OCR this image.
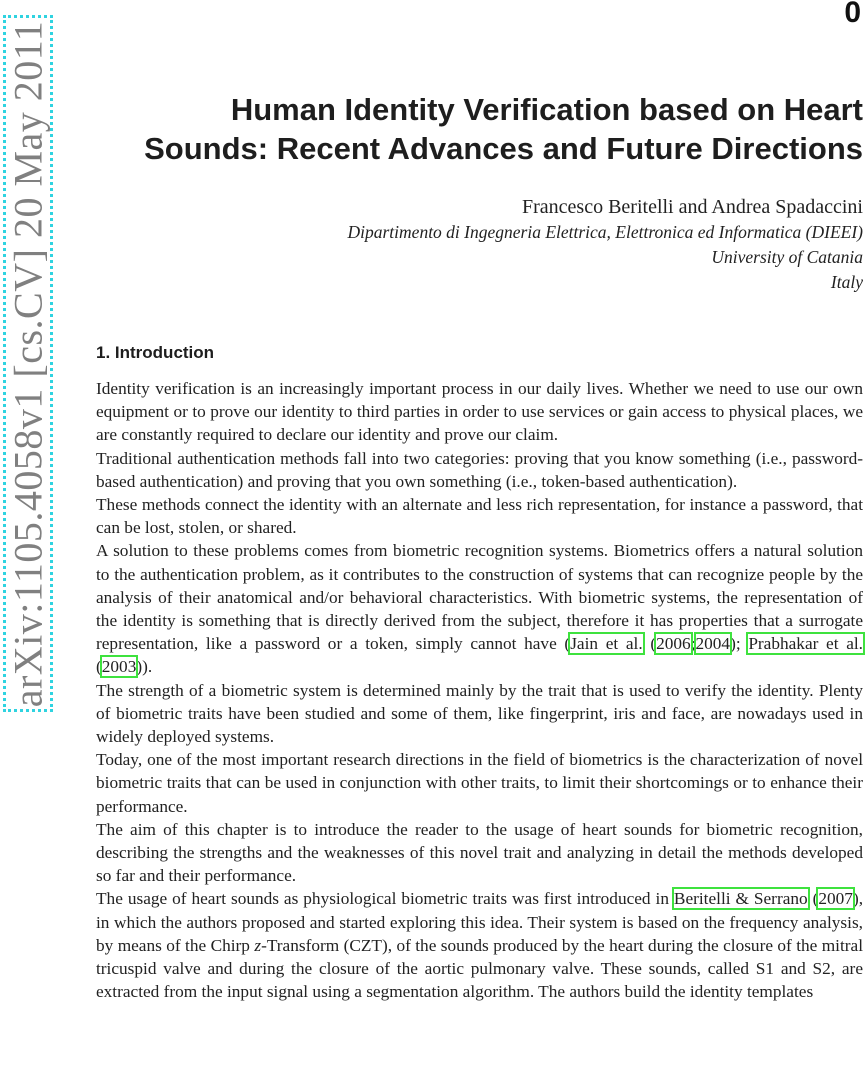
arXiv:1105.4058v1 [cs.CV] 20 May 2011
0
Human Identity Verification based on Heart
Sounds: Recent Advances and Future Directions
Francesco Beritelli and Andrea Spadaccini
Dipartimento di Ingegneria Elettrica, Elettronica ed Informatica (DIEEI)
University of Catania
Italy
1. Introduction

Identity verification is an increasingly important process in our daily lives. Whether we need to use our own equipment or to prove our identity to third parties in order to use services or gain access to physical places, we are constantly required to declare our identity and prove our claim.

Traditional authentication methods fall into two categories: proving that you know something (i.e., password-based authentication) and proving that you own something (i.e., token-based authentication).

These methods connect the identity with an alternate and less rich representation, for instance a password, that can be lost, stolen, or shared.

A solution to these problems comes from biometric recognition systems. Biometrics offers a natural solution to the authentication problem, as it contributes to the construction of systems that can recognize people by the analysis of their anatomical and/or behavioral characteristics. With biometric systems, the representation of the identity is something that is directly derived from the subject, therefore it has properties that a surrogate representation, like a password or a token, simply cannot have (Jain et al. (2006;2004); Prabhakar et al. (2003)).

The strength of a biometric system is determined mainly by the trait that is used to verify the identity. Plenty of biometric traits have been studied and some of them, like fingerprint, iris and face, are nowadays used in widely deployed systems.

Today, one of the most important research directions in the field of biometrics is the characterization of novel biometric traits that can be used in conjunction with other traits, to limit their shortcomings or to enhance their performance.

The aim of this chapter is to introduce the reader to the usage of heart sounds for biometric recognition, describing the strengths and the weaknesses of this novel trait and analyzing in detail the methods developed so far and their performance.

The usage of heart sounds as physiological biometric traits was first introduced in Beritelli & Serrano (2007), in which the authors proposed and started exploring this idea. Their system is based on the frequency analysis, by means of the Chirp z-Transform (CZT), of the sounds produced by the heart during the closure of the mitral tricuspid valve and during the closure of the aortic pulmonary valve. These sounds, called S1 and S2, are extracted from the input signal using a segmentation algorithm. The authors build the identity templates
